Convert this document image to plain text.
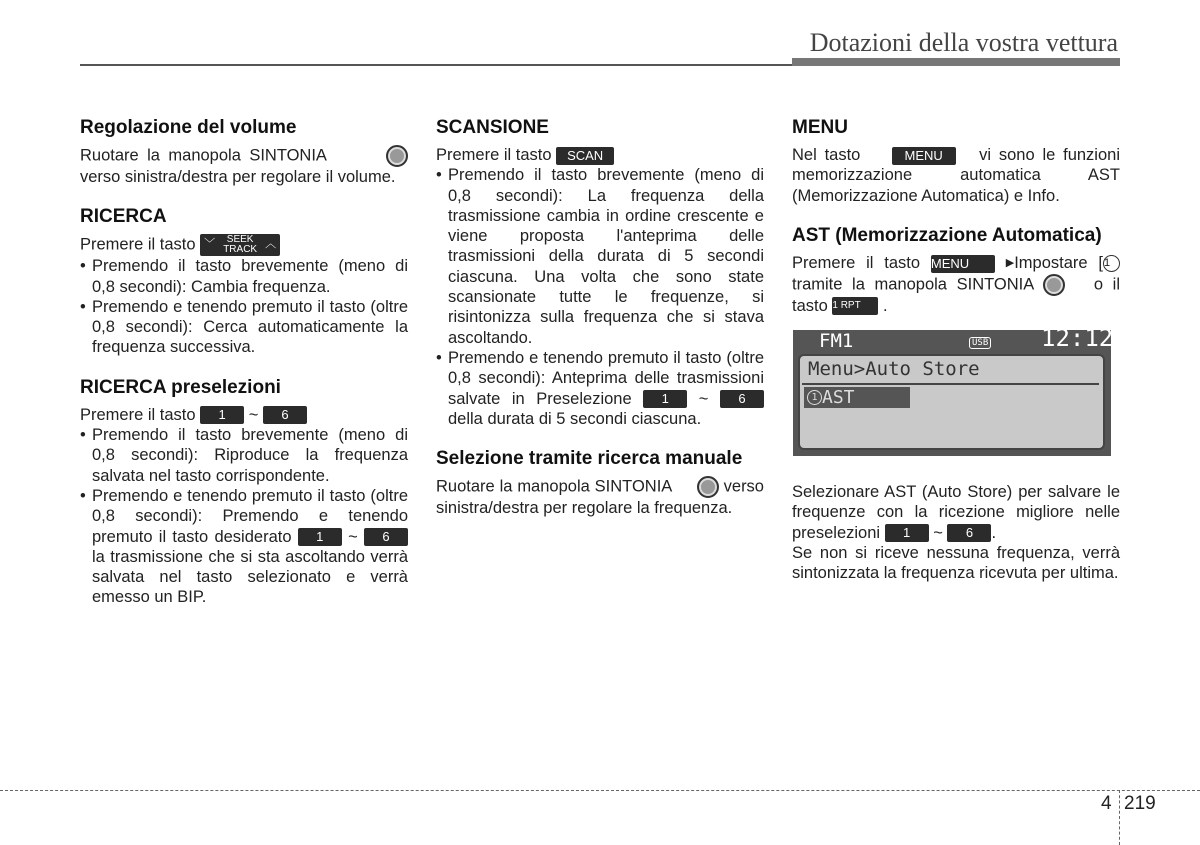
Dotazioni della vostra vettura
Regolazione del volume

Ruotare la manopola SINTONIA        verso sinistra/destra per regolare il volume.

RICERCA

Premere il tasto ﹀	SEEK
TRACK ︿

• Premendo il tasto brevemente (meno di 0,8 secondi): Cambia frequenza.
• Premendo e tenendo premuto il tasto (oltre 0,8 secondi): Cerca automaticamente la frequenza successiva.
RICERCA preselezioni

Premere il tasto 1 ~ 6

• Premendo il tasto brevemente (meno di 0,8 secondi): Riproduce la frequenza salvata nel tasto corrispondente.
• Premendo e tenendo premuto il tasto (oltre 0,8 secondi): Premendo e tenendo premuto il tasto desiderato 1 ~ 6 la trasmissione che si sta ascoltando verrà salvata nel tasto selezionato e verrà emesso un BIP.
SCANSIONE

Premere il tasto SCAN

• Premendo il tasto brevemente (meno di 0,8 secondi): La frequenza della trasmissione cambia in ordine crescente e viene proposta l'anteprima delle trasmissioni della durata di 5 secondi ciascuna. Una volta che sono state scansionate tutte le frequenze, si risintonizza sulla frequenza che si stava ascoltando.
• Premendo e tenendo premuto il tasto (oltre 0,8 secondi): Anteprima delle trasmissioni salvate in Preselezione 1 ~ 6 della durata di 5 secondi ciascuna.
Selezione tramite ricerca manuale

Ruotare la manopola SINTONIA	verso sinistra/destra per regolare la frequenza.

MENU

Nel tasto	MENU vi sono le funzioni memorizzazione automatica AST (Memorizzazione Automatica) e Info.

AST (Memorizzazione Automatica)

Premere il tasto MENU	▶Impostare [1 tramite la manopola SINTONIA	o il tasto 1 RPT .

FM1	USB 12:12
Menu>Auto Store
1 AST

Selezionare AST (Auto Store) per salvare le frequenze con la ricezione migliore nelle preselezioni 1 ~ 6 .

Se non si riceve nessuna frequenza, verrà sintonizzata la frequenza ricevuta per ultima.

4 219
